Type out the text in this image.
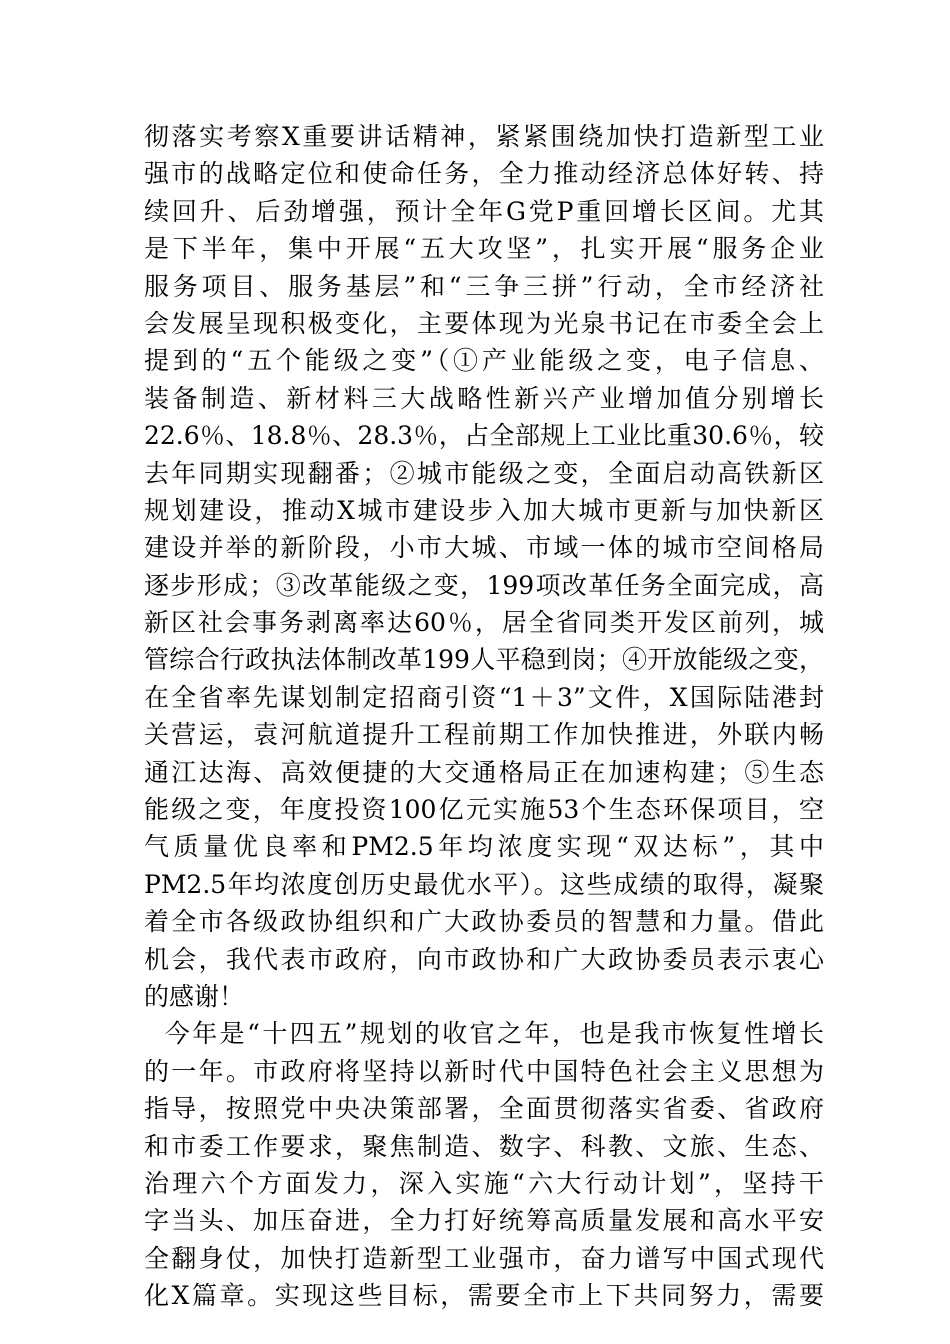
彻落实考察X重要讲话精神，紧紧围绕加快打造新型工业
强市的战略定位和使命任务，全力推动经济总体好转、持
续回升、后劲增强，预计全年G党P重回增长区间。尤其
是下半年，集中开展“五大攻坚”，扎实开展“服务企业
服务项目、服务基层”和“三争三拼”行动，全市经济社
会发展呈现积极变化，主要体现为光泉书记在市委全会上
提到的“五个能级之变”（①产业能级之变，电子信息、
装备制造、新材料三大战略性新兴产业增加值分别增长
22.6％、18.8％、28.3％，占全部规上工业比重30.6％，较
去年同期实现翻番；②城市能级之变，全面启动高铁新区
规划建设，推动X城市建设步入加大城市更新与加快新区
建设并举的新阶段，小市大城、市域一体的城市空间格局
逐步形成；③改革能级之变，199项改革任务全面完成，高
新区社会事务剥离率达60％，居全省同类开发区前列，城
管综合行政执法体制改革199人平稳到岗；④开放能级之变，
在全省率先谋划制定招商引资“1＋3”文件，X国际陆港封
关营运，袁河航道提升工程前期工作加快推进，外联内畅
通江达海、高效便捷的大交通格局正在加速构建；⑤生态
能级之变，年度投资100亿元实施53个生态环保项目，空
气质量优良率和PM2.5年均浓度实现“双达标”，其中
PM2.5年均浓度创历史最优水平）。这些成绩的取得，凝聚
着全市各级政协组织和广大政协委员的智慧和力量。借此
机会，我代表市政府，向市政协和广大政协委员表示衷心
的感谢！
今年是“十四五”规划的收官之年，也是我市恢复性增长
的一年。市政府将坚持以新时代中国特色社会主义思想为
指导，按照党中央决策部署，全面贯彻落实省委、省政府
和市委工作要求，聚焦制造、数字、科教、文旅、生态、
治理六个方面发力，深入实施“六大行动计划”，坚持干
字当头、加压奋进，全力打好统筹高质量发展和高水平安
全翻身仗，加快打造新型工业强市，奋力谱写中国式现代
化X篇章。实现这些目标，需要全市上下共同努力，需要
